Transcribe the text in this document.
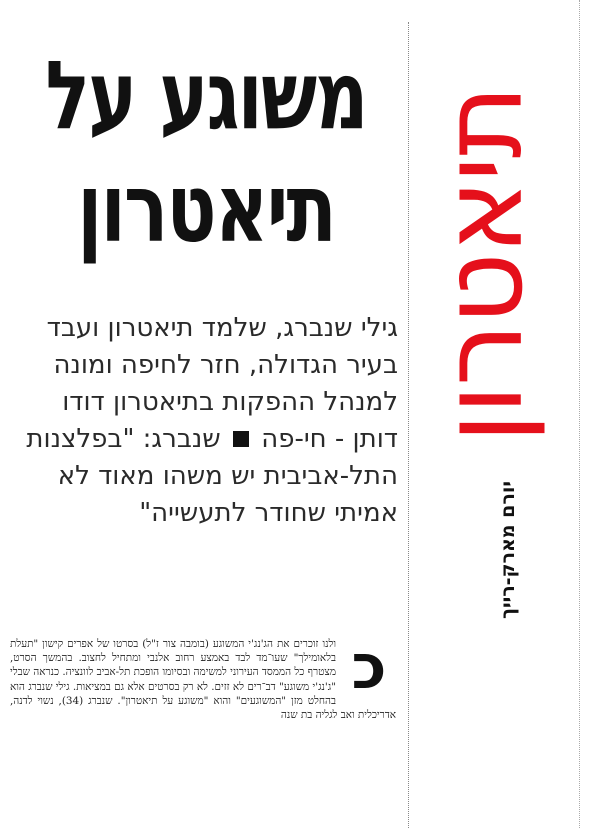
תיאטרון
יורם מארק-רייך
משוגע על
תיאטרון
גילי שנברג, שלמד תיאטרון ועבד בעיר הגדולה, חזר לחיפה ומונה למנהל ההפקות בתיאטרון דודו דותן - חי-פה  שנברג: "בפלצנות התל-אביבית יש משהו מאוד לא אמיתי שחודר לתעשייה"
כ
ולנו זוכרים את הג'נג'י המשוגע (בומבה צור ז"ל) בסרטו של אפרים קישון "תעלת בלאומילך" שעו־מד לבד באמצע רחוב אלנבי ומתחיל לחצוב. בהמשך הסרט, מצטרף כל הממסד העירוני למשימה ובסיומו הופכת תל-אביב לוונציה. כנראה שבלי "ג'נג'י משוגע" דב־רים לא זזים. לא רק בסרטים אלא גם במציאות. גילי שנברג הוא בהחלט מזן "המשוגעים" והוא "משוגע על תיאטרון". שנברג (34), נשוי לדנה, אדריכלית ואב לגליה בת שנה
